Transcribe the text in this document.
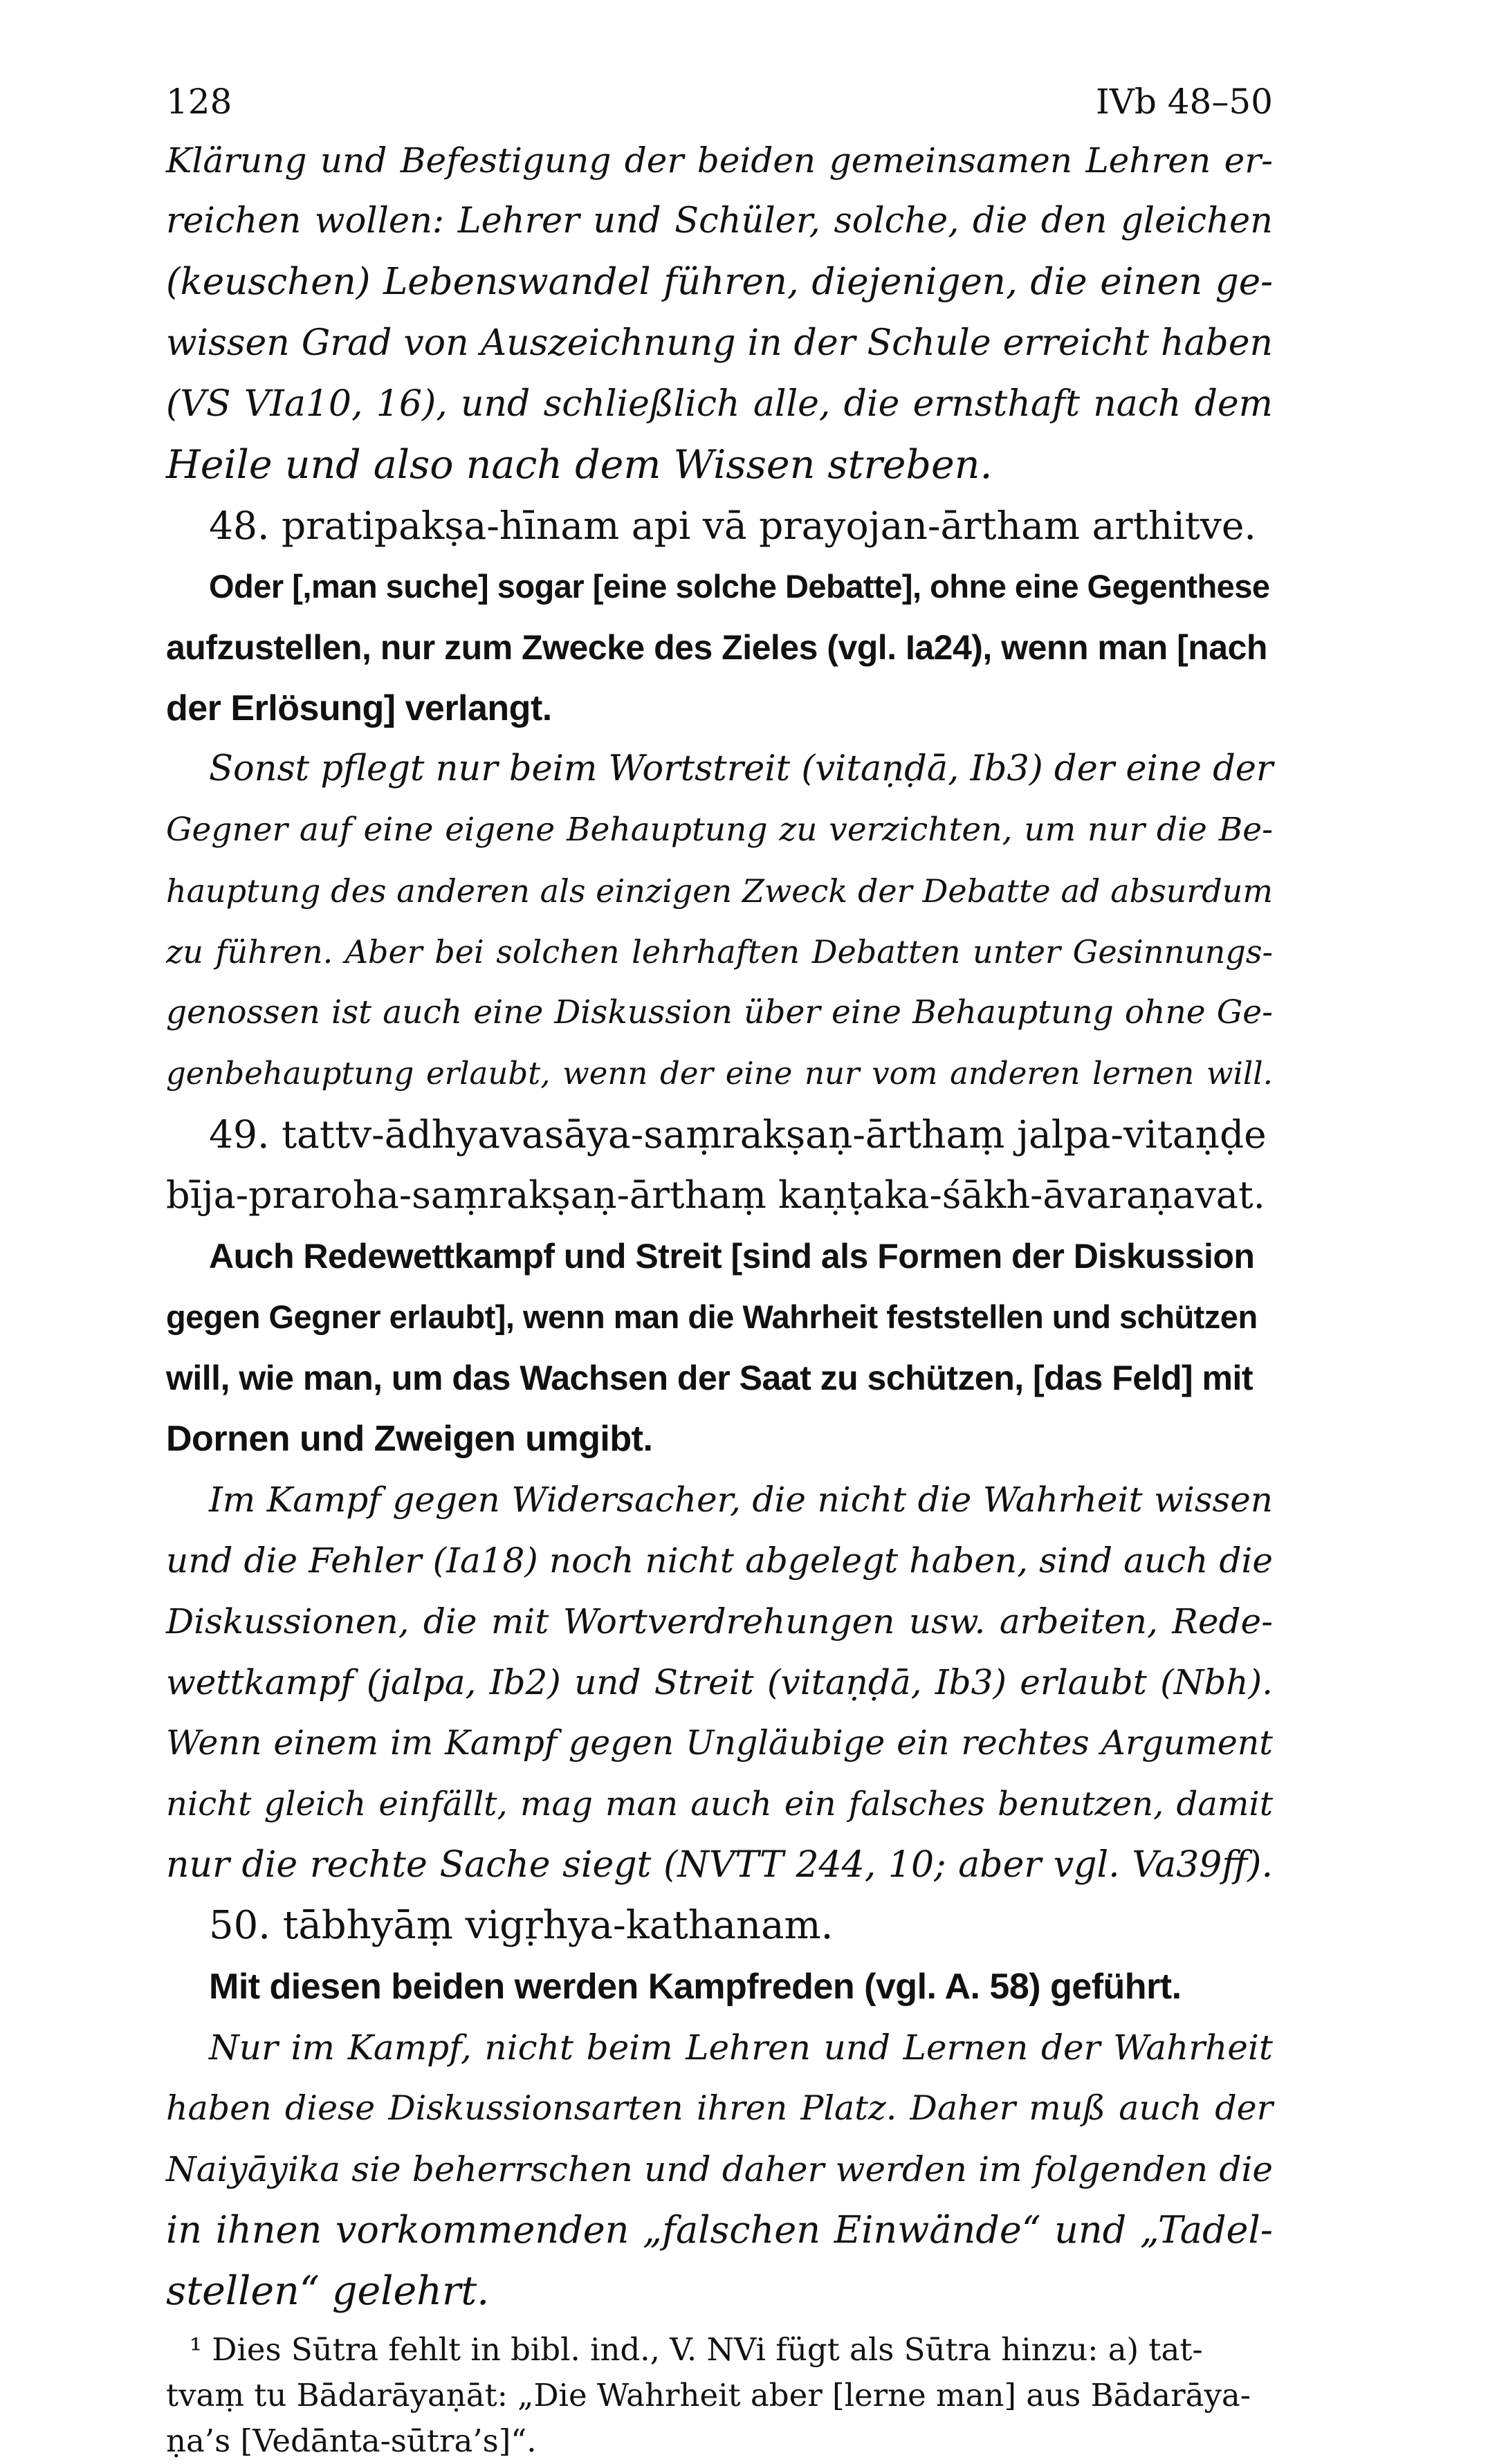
128	IVb 48–50
Klärung und Befestigung der beiden gemeinsamen Lehren er-
reichen wollen: Lehrer und Schüler, solche, die den gleichen
(keuschen) Lebenswandel führen, diejenigen, die einen ge-
wissen Grad von Auszeichnung in der Schule erreicht haben
(VS VIa10, 16), und schließlich alle, die ernsthaft nach dem
Heile und also nach dem Wissen streben.
48. pratipakṣa-hīnam api vā prayojan-ārtham arthitve.
Oder [,man suche] sogar [eine solche Debatte], ohne eine Gegenthese
aufzustellen, nur zum Zwecke des Zieles (vgl. Ia24), wenn man [nach
der Erlösung] verlangt.
Sonst pflegt nur beim Wortstreit (vitaṇḍā, Ib3) der eine der
Gegner auf eine eigene Behauptung zu verzichten, um nur die Be-
hauptung des anderen als einzigen Zweck der Debatte ad absurdum
zu führen. Aber bei solchen lehrhaften Debatten unter Gesinnungs-
genossen ist auch eine Diskussion über eine Behauptung ohne Ge-
genbehauptung erlaubt, wenn der eine nur vom anderen lernen will.
49. tattv-ādhyavasāya-saṃrakṣaṇ-ārthaṃ jalpa-vitaṇḍe
bīja-praroha-saṃrakṣaṇ-ārthaṃ kaṇṭaka-śākh-āvaraṇavat.
Auch Redewettkampf und Streit [sind als Formen der Diskussion
gegen Gegner erlaubt], wenn man die Wahrheit feststellen und schützen
will, wie man, um das Wachsen der Saat zu schützen, [das Feld] mit
Dornen und Zweigen umgibt.
Im Kampf gegen Widersacher, die nicht die Wahrheit wissen
und die Fehler (Ia18) noch nicht abgelegt haben, sind auch die
Diskussionen, die mit Wortverdrehungen usw. arbeiten, Rede-
wettkampf (jalpa, Ib2) und Streit (vitaṇḍā, Ib3) erlaubt (Nbh).
Wenn einem im Kampf gegen Ungläubige ein rechtes Argument
nicht gleich einfällt, mag man auch ein falsches benutzen, damit
nur die rechte Sache siegt (NVTT 244, 10; aber vgl. Va39ff).
50. tābhyāṃ vigṛhya-kathanam.
Mit diesen beiden werden Kampfreden (vgl. A. 58) geführt.
Nur im Kampf, nicht beim Lehren und Lernen der Wahrheit
haben diese Diskussionsarten ihren Platz. Daher muß auch der
Naiyāyika sie beherrschen und daher werden im folgenden die
in ihnen vorkommenden „falschen Einwände“ und „Tadel-
stellen“ gelehrt.
¹ Dies Sūtra fehlt in bibl. ind., V. NVi fügt als Sūtra hinzu: a) tat-
tvaṃ tu Bādarāyaṇāt: „Die Wahrheit aber [lerne man] aus Bādarāya-
ṇa’s [Vedānta-sūtra’s]“.
